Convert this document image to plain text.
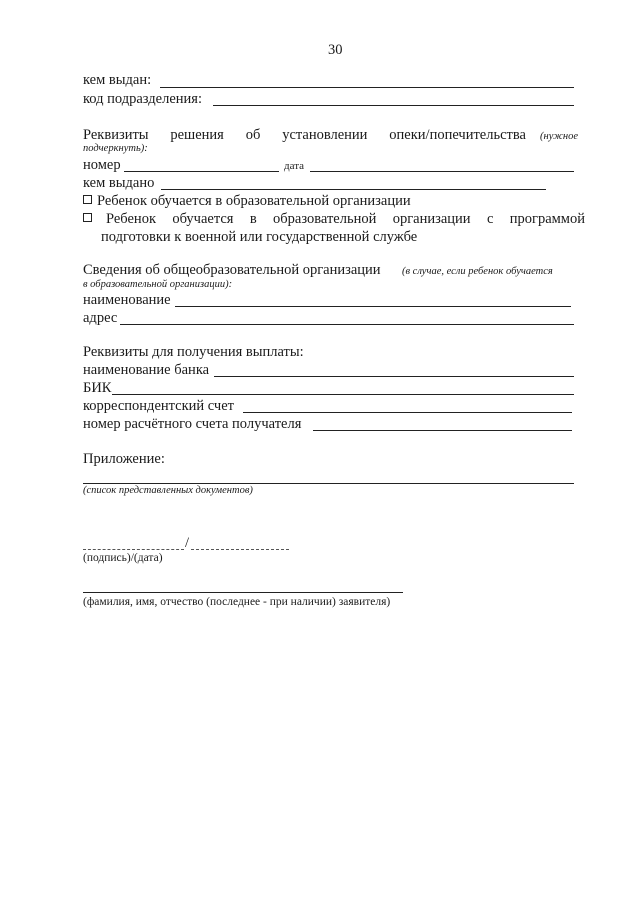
30
кем выдан:
код подразделения:
Реквизиты решения об установлении опеки/попечительства (нужное
подчеркнуть):
номер	дата
кем выдано
Ребенок обучается в образовательной организации
Ребенок обучается в образовательной организации с программой
подготовки к военной или государственной службе
Сведения об общеобразовательной организации (в случае, если ребенок обучается
в образовательной организации):
наименование
адрес
Реквизиты для получения выплаты:
наименование банка
БИК
корреспондентский счет
номер расчётного счета получателя
Приложение:
(список представленных документов)
/
(подпись)/(дата)
(фамилия, имя, отчество (последнее - при наличии) заявителя)
